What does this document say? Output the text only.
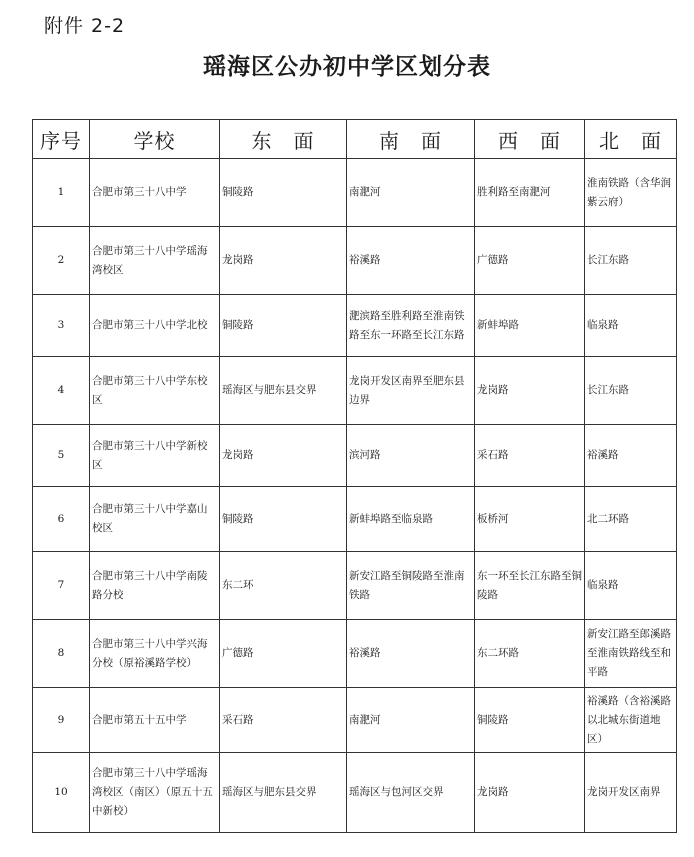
附件 2-2
瑶海区公办初中学区划分表
序号	学校	东　面	南　面	西　面	北　面
1	合肥市第三十八中学	铜陵路	南淝河	胜利路至南淝河	淮南铁路（含华润紫云府）
2	合肥市第三十八中学瑶海湾校区	龙岗路	裕溪路	广德路	长江东路
3	合肥市第三十八中学北校	铜陵路	淝滨路至胜利路至淮南铁路至东一环路至长江东路	新蚌埠路	临泉路
4	合肥市第三十八中学东校区	瑶海区与肥东县交界	龙岗开发区南界至肥东县边界	龙岗路	长江东路
5	合肥市第三十八中学新校区	龙岗路	滨河路	采石路	裕溪路
6	合肥市第三十八中学嘉山校区	铜陵路	新蚌埠路至临泉路	板桥河	北二环路
7	合肥市第三十八中学南陵路分校	东二环	新安江路至铜陵路至淮南铁路	东一环至长江东路至铜陵路	临泉路
8	合肥市第三十八中学兴海分校（原裕溪路学校）	广德路	裕溪路	东二环路	新安江路至郎溪路至淮南铁路线至和平路
9	合肥市第五十五中学	采石路	南淝河	铜陵路	裕溪路（含裕溪路以北城东街道地区）
10	合肥市第三十八中学瑶海湾校区（南区）（原五十五中新校）	瑶海区与肥东县交界	瑶海区与包河区交界	龙岗路	龙岗开发区南界
